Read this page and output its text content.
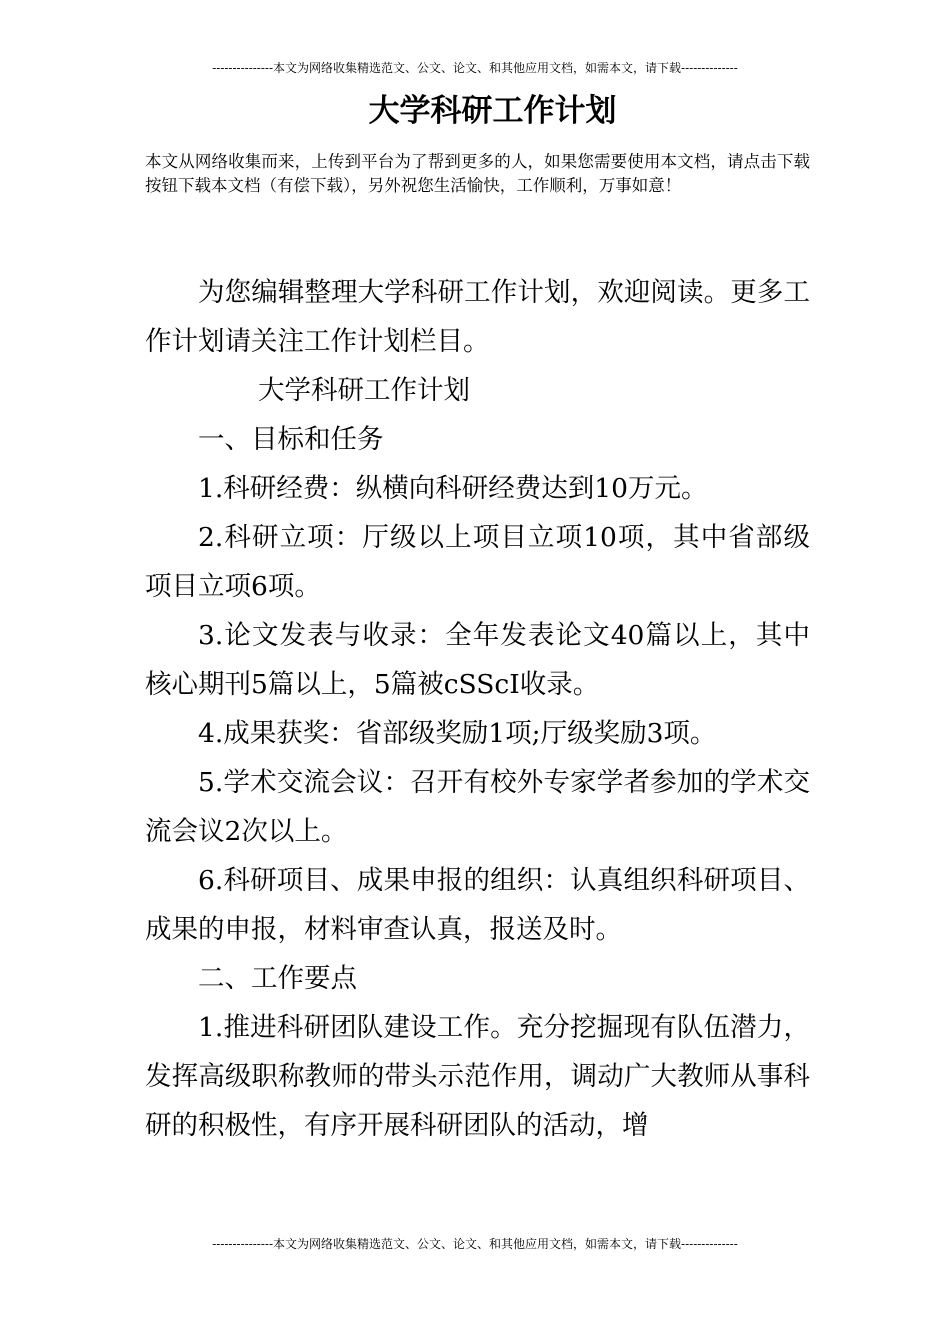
---------------本文为网络收集精选范文、公文、论文、和其他应用文档，如需本文，请下载--------------
大学科研工作计划
本文从网络收集而来，上传到平台为了帮到更多的人，如果您需要使用本文档，请点击下载按钮下载本文档（有偿下载），另外祝您生活愉快，工作顺利，万事如意！

为您编辑整理大学科研工作计划，欢迎阅读。更多工作计划请关注工作计划栏目。

大学科研工作计划

一、目标和任务

1.科研经费：纵横向科研经费达到10万元。

2.科研立项：厅级以上项目立项10项，其中省部级项目立项6项。

3.论文发表与收录：全年发表论文40篇以上，其中核心期刊5篇以上，5篇被cSScI收录。

4.成果获奖：省部级奖励1项;厅级奖励3项。

5.学术交流会议：召开有校外专家学者参加的学术交流会议2次以上。

6.科研项目、成果申报的组织：认真组织科研项目、成果的申报，材料审查认真，报送及时。

二、工作要点

1.推进科研团队建设工作。充分挖掘现有队伍潜力，发挥高级职称教师的带头示范作用，调动广大教师从事科研的积极性，有序开展科研团队的活动，增

---------------本文为网络收集精选范文、公文、论文、和其他应用文档，如需本文，请下载--------------
